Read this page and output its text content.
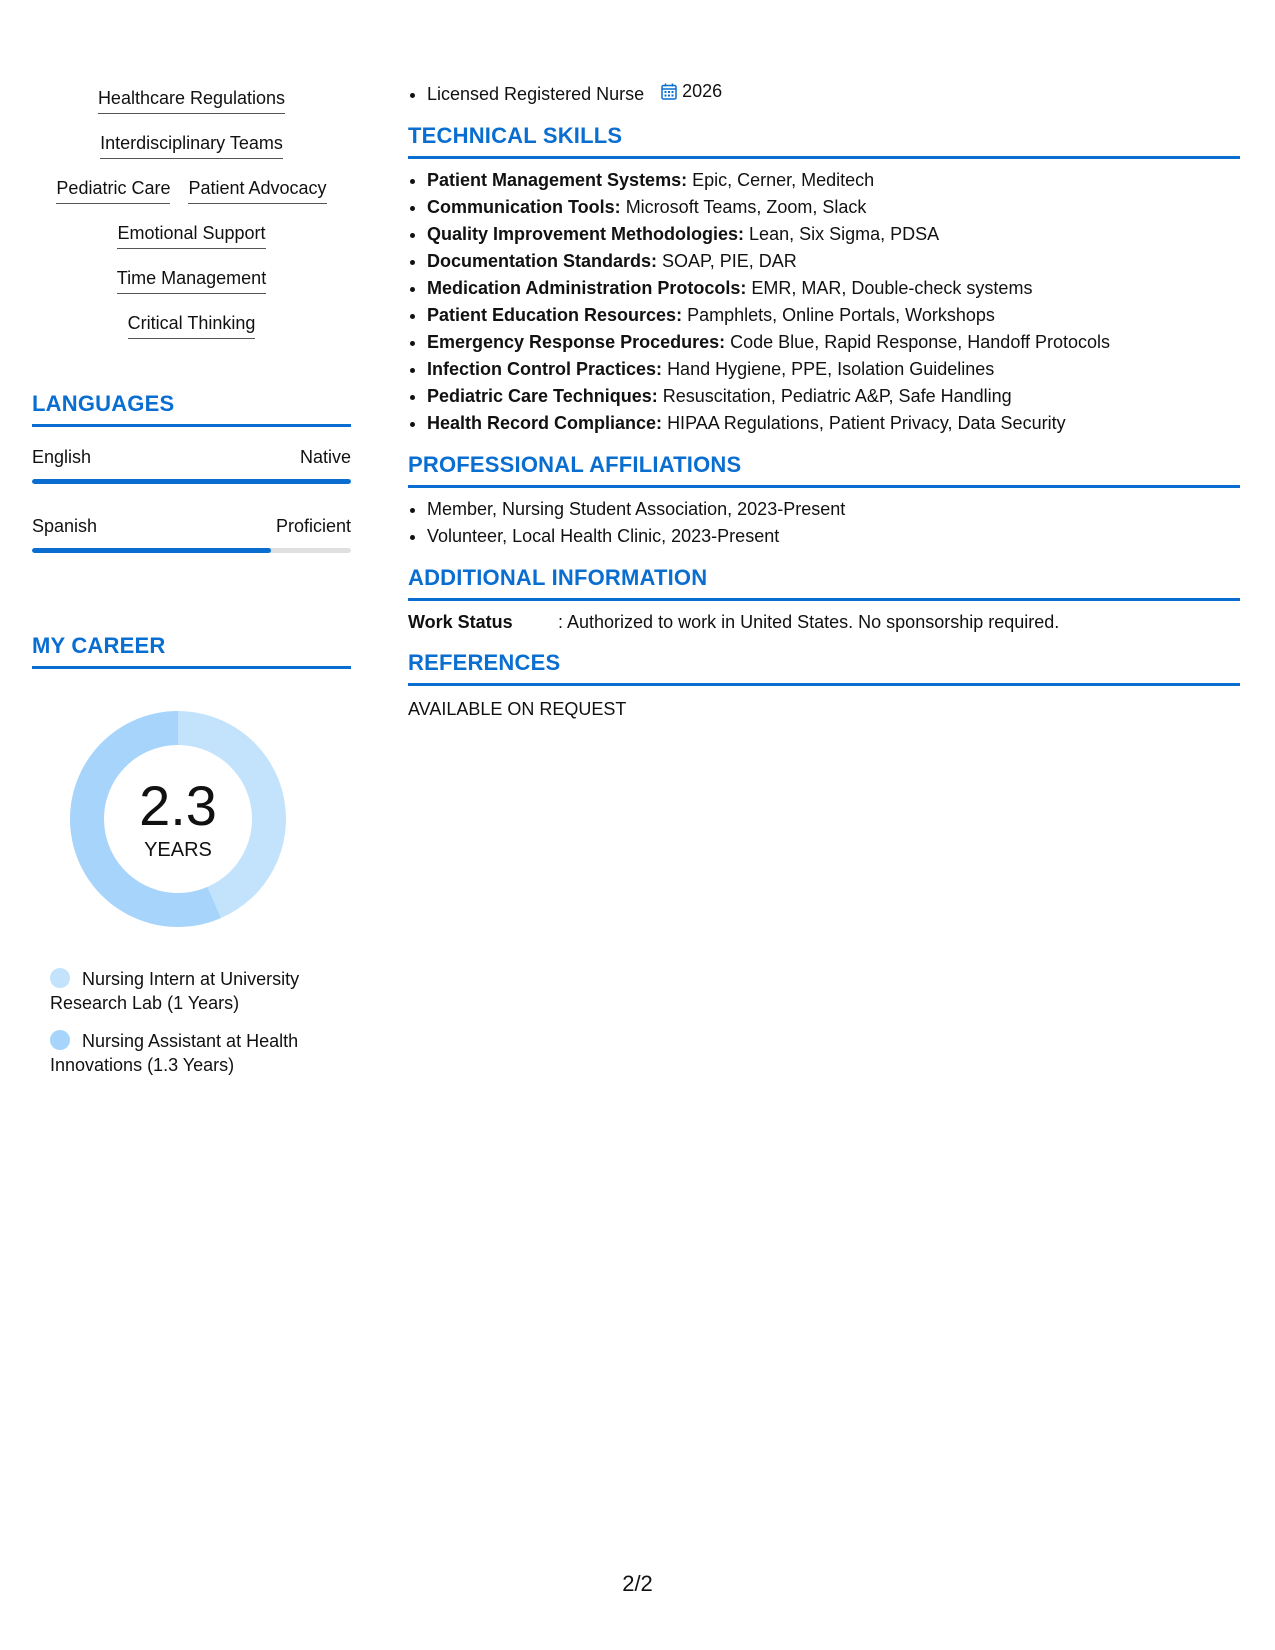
Healthcare Regulations
Interdisciplinary Teams
Pediatric Care Patient Advocacy
Emotional Support
Time Management
Critical Thinking
LANGUAGES
English	Native
Spanish	Proficient
MY CAREER
2.3
YEARS
Nursing Intern at University Research Lab (1 Years)
Nursing Assistant at Health Innovations (1.3 Years)
• Licensed Registered Nurse 2026
TECHNICAL SKILLS
• Patient Management Systems: Epic, Cerner, Meditech
• Communication Tools: Microsoft Teams, Zoom, Slack
• Quality Improvement Methodologies: Lean, Six Sigma, PDSA
• Documentation Standards: SOAP, PIE, DAR
• Medication Administration Protocols: EMR, MAR, Double-check systems
• Patient Education Resources: Pamphlets, Online Portals, Workshops
• Emergency Response Procedures: Code Blue, Rapid Response, Handoff Protocols
• Infection Control Practices: Hand Hygiene, PPE, Isolation Guidelines
• Pediatric Care Techniques: Resuscitation, Pediatric A&P, Safe Handling
• Health Record Compliance: HIPAA Regulations, Patient Privacy, Data Security
PROFESSIONAL AFFILIATIONS
• Member, Nursing Student Association, 2023-Present
• Volunteer, Local Health Clinic, 2023-Present
ADDITIONAL INFORMATION
Work Status	: Authorized to work in United States. No sponsorship required.
REFERENCES
AVAILABLE ON REQUEST
2/2
